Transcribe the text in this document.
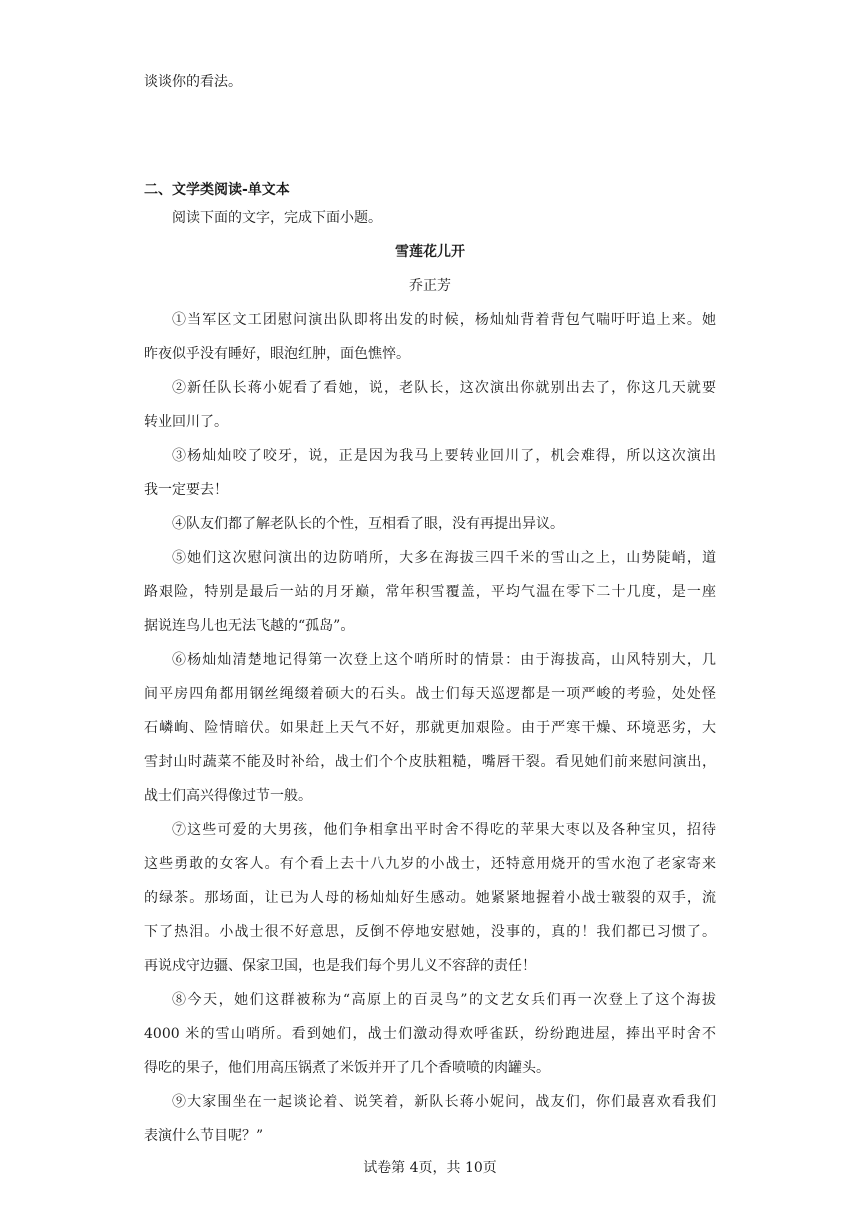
谈谈你的看法。
二、文学类阅读-单文本
阅读下面的文字，完成下面小题。
雪莲花儿开
乔正芳
①当军区文工团慰问演出队即将出发的时候，杨灿灿背着背包气喘吁吁追上来。她
昨夜似乎没有睡好，眼泡红肿，面色憔悴。
②新任队长蒋小妮看了看她，说，老队长，这次演出你就别出去了，你这几天就要
转业回川了。
③杨灿灿咬了咬牙，说，正是因为我马上要转业回川了，机会难得，所以这次演出
我一定要去！
④队友们都了解老队长的个性，互相看了眼，没有再提出异议。
⑤她们这次慰问演出的边防哨所，大多在海拔三四千米的雪山之上，山势陡峭，道
路艰险，特别是最后一站的月牙巅，常年积雪覆盖，平均气温在零下二十几度，是一座
据说连鸟儿也无法飞越的“孤岛”。
⑥杨灿灿清楚地记得第一次登上这个哨所时的情景：由于海拔高，山风特别大，几
间平房四角都用钢丝绳缀着硕大的石头。战士们每天巡逻都是一项严峻的考验，处处怪
石嶙峋、险情暗伏。如果赶上天气不好，那就更加艰险。由于严寒干燥、环境恶劣，大
雪封山时蔬菜不能及时补给，战士们个个皮肤粗糙，嘴唇干裂。看见她们前来慰问演出，
战士们高兴得像过节一般。
⑦这些可爱的大男孩，他们争相拿出平时舍不得吃的苹果大枣以及各种宝贝，招待
这些勇敢的女客人。有个看上去十八九岁的小战士，还特意用烧开的雪水泡了老家寄来
的绿茶。那场面，让已为人母的杨灿灿好生感动。她紧紧地握着小战士皲裂的双手，流
下了热泪。小战士很不好意思，反倒不停地安慰她，没事的，真的！我们都已习惯了。
再说戍守边疆、保家卫国，也是我们每个男儿义不容辞的责任！
⑧今天，她们这群被称为“高原上的百灵鸟”的文艺女兵们再一次登上了这个海拔
4000 米的雪山哨所。看到她们，战士们激动得欢呼雀跃，纷纷跑进屋，捧出平时舍不
得吃的果子，他们用高压锅煮了米饭并开了几个香喷喷的肉罐头。
⑨大家围坐在一起谈论着、说笑着，新队长蒋小妮问，战友们，你们最喜欢看我们
表演什么节目呢？”
试卷第 4页，共 10页
